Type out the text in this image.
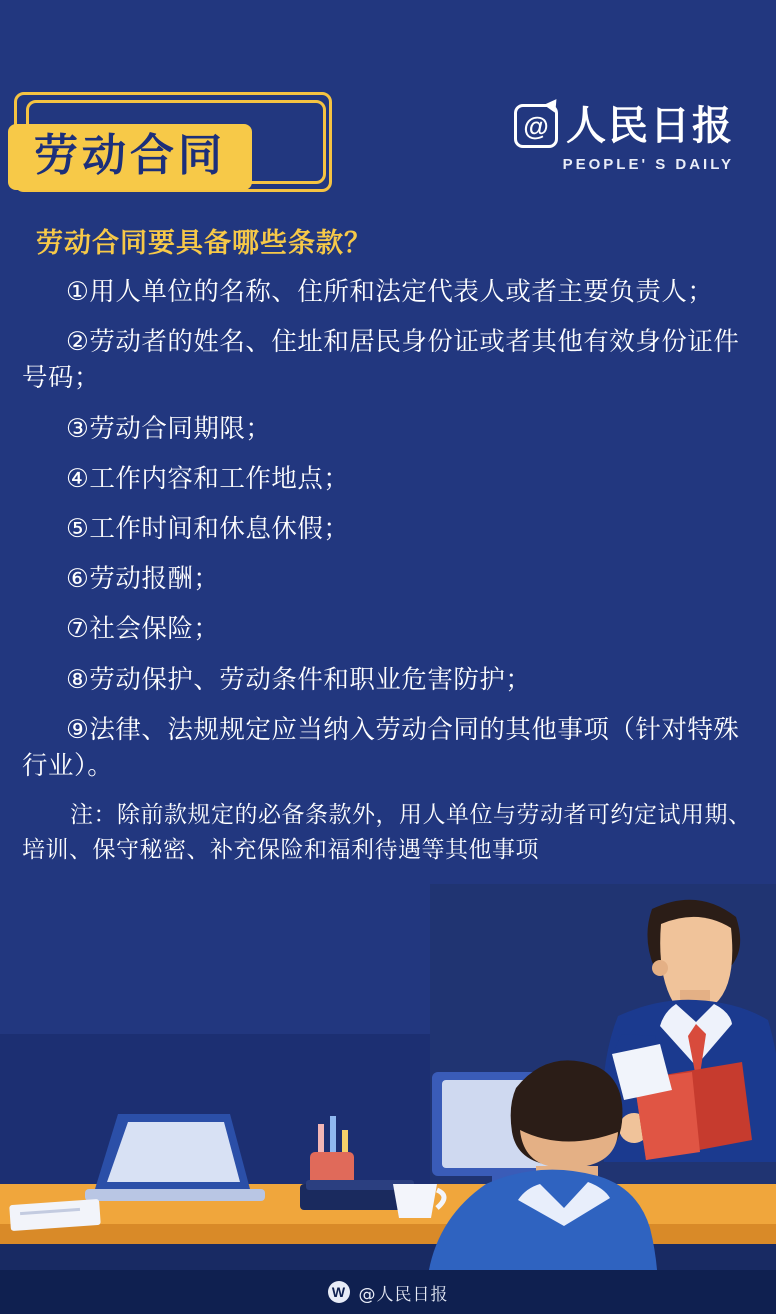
劳动合同
@ 人民日报
PEOPLE' S DAILY
劳动合同要具备哪些条款？
①用人单位的名称、住所和法定代表人或者主要负责人；
②劳动者的姓名、住址和居民身份证或者其他有效身份证件号码；
③劳动合同期限；
④工作内容和工作地点；
⑤工作时间和休息休假；
⑥劳动报酬；
⑦社会保险；
⑧劳动保护、劳动条件和职业危害防护；
⑨法律、法规规定应当纳入劳动合同的其他事项（针对特殊行业）。
注：除前款规定的必备条款外，用人单位与劳动者可约定试用期、培训、保守秘密、补充保险和福利待遇等其他事项
W @人民日报
